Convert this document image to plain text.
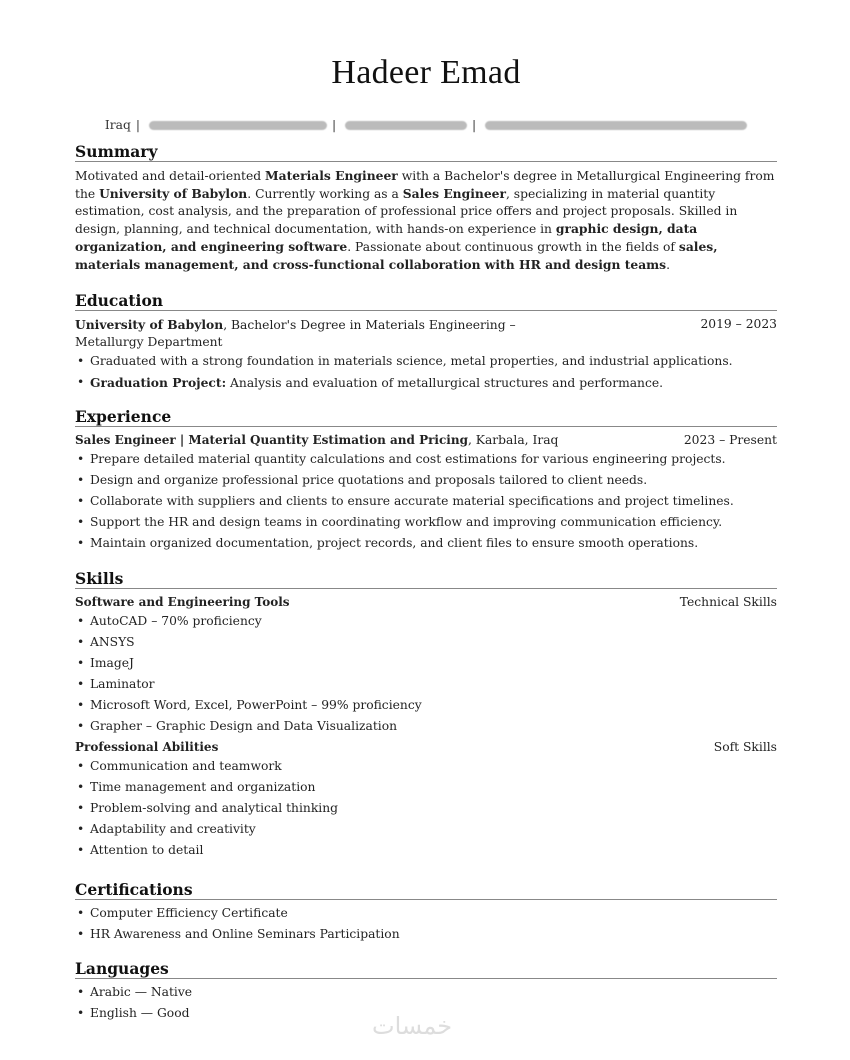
Hadeer Emad
Iraq |	|	|
Summary

Motivated and detail-oriented Materials Engineer with a Bachelor's degree in Metallurgical Engineering from the University of Babylon. Currently working as a Sales Engineer, specializing in material quantity estimation, cost analysis, and the preparation of professional price offers and project proposals. Skilled in design, planning, and technical documentation, with hands-on experience in graphic design, data organization, and engineering software. Passionate about continuous growth in the fields of sales, materials management, and cross-functional collaboration with HR and design teams.

Education
University of Babylon, Bachelor's Degree in Materials Engineering – Metallurgy Department
2019 – 2023
• Graduated with a strong foundation in materials science, metal properties, and industrial applications.
• Graduation Project: Analysis and evaluation of metallurgical structures and performance.
Experience
Sales Engineer | Material Quantity Estimation and Pricing, Karbala, Iraq	2023 – Present
• Prepare detailed material quantity calculations and cost estimations for various engineering projects.
• Design and organize professional price quotations and proposals tailored to client needs.
• Collaborate with suppliers and clients to ensure accurate material specifications and project timelines.
• Support the HR and design teams in coordinating workflow and improving communication efficiency.
• Maintain organized documentation, project records, and client files to ensure smooth operations.
Skills
Software and Engineering Tools	Technical Skills
• AutoCAD – 70% proficiency
• ANSYS
• ImageJ
• Laminator
• Microsoft Word, Excel, PowerPoint – 99% proficiency
• Grapher – Graphic Design and Data Visualization
Professional Abilities	Soft Skills
• Communication and teamwork
• Time management and organization
• Problem-solving and analytical thinking
• Adaptability and creativity
• Attention to detail
Certifications
• Computer Efficiency Certificate
• HR Awareness and Online Seminars Participation
Languages
• Arabic — Native
• English — Good	خمسات
